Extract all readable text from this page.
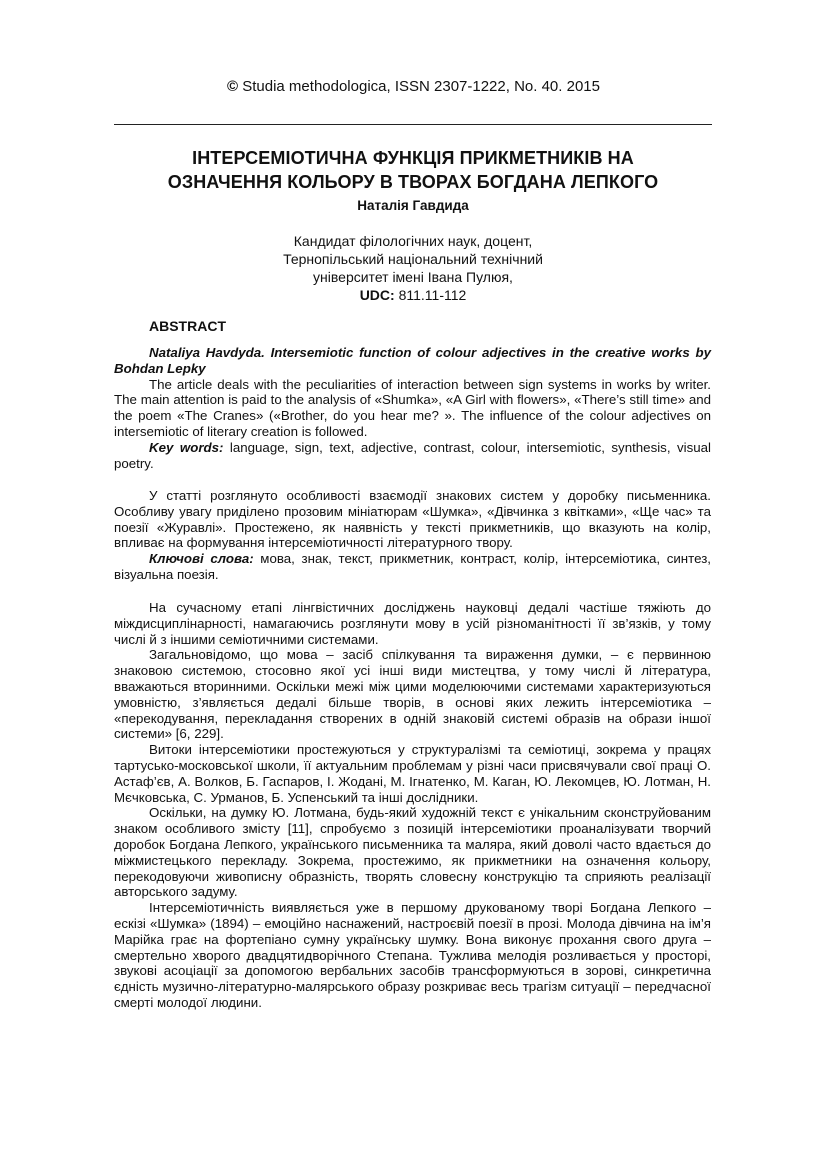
© Studia methodologica, ISSN 2307-1222, No. 40. 2015
ІНТЕРСЕМІОТИЧНА ФУНКЦІЯ ПРИКМЕТНИКІВ НА
ОЗНАЧЕННЯ КОЛЬОРУ В ТВОРАХ БОГДАНА ЛЕПКОГО
Наталія Гавдида
Кандидат філологічних наук, доцент,
Тернопільський національний технічний
університет імені Івана Пулюя,
UDC: 811.11-112
ABSTRACT

Nataliya Havdyda. Intersemiotic function of colour adjectives in the creative works by Bohdan Lepky

The article deals with the peculiarities of interaction between sign systems in works by writer. The main attention is paid to the analysis of «Shumka», «A Girl with flowers», «There’s still time» and the poem «The Cranes» («Brother, do you hear me? ». The influence of the colour adjectives on intersemiotic of literary creation is followed.

Key words: language, sign, text, adjective, contrast, colour, intersemiotic, synthesis, visual poetry.

У статті розглянуто особливості взаємодії знакових систем у доробку письменника. Особливу увагу приділено прозовим мініатюрам «Шумка», «Дівчинка з квітками», «Ще час» та поезії «Журавлі». Простежено, як наявність у тексті прикметників, що вказують на колір, впливає на формування інтерсеміотичності літературного твору.

Ключові слова: мова, знак, текст, прикметник, контраст, колір, інтерсеміотика, синтез, візуальна поезія.

На сучасному етапі лінгвістичних досліджень науковці дедалі частіше тяжіють до міждисциплінарності, намагаючись розглянути мову в усій різноманітності її зв’язків, у тому числі й з іншими семіотичними системами.

Загальновідомо, що мова – засіб спілкування та вираження думки, – є первинною знаковою системою, стосовно якої усі інші види мистецтва, у тому числі й література, вважаються вторинними. Оскільки межі між цими моделюючими системами характеризуються умовністю, з’являється дедалі більше творів, в основі яких лежить інтерсеміотика – «перекодування, перекладання створених в одній знаковій системі образів на образи іншої системи» [6, 229].

Витоки інтерсеміотики простежуються у структуралізмі та семіотиці, зокрема у працях тартусько-московської школи, її актуальним проблемам у різні часи присвячували свої праці О. Астаф’єв, А. Волков, Б. Гаспаров, І. Жодані, М. Ігнатенко, М. Каган, Ю. Лекомцев, Ю. Лотман, Н. Мєчковська, С. Урманов, Б. Успенський та інші дослідники.

Оскільки, на думку Ю. Лотмана, будь-який художній текст є унікальним сконструйованим знаком особливого змісту [11], спробуємо з позицій інтерсеміотики проаналізувати творчий доробок Богдана Лепкого, українського письменника та маляра, який доволі часто вдається до міжмистецького перекладу. Зокрема, простежимо, як прикметники на означення кольору, перекодовуючи живописну образність, творять словесну конструкцію та сприяють реалізації авторського задуму.

Інтерсеміотичність виявляється уже в першому друкованому творі Богдана Лепкого – ескізі «Шумка» (1894) – емоційно наснажений, настроєвій поезії в прозі. Молода дівчина на ім’я Марійка грає на фортепіано сумну українську шумку. Вона виконує прохання свого друга – смертельно хворого двадцятидворічного Степана. Тужлива мелодія розливається у просторі, звукові асоціації за допомогою вербальних засобів трансформуються в зорові, синкретична єдність музично-літературно-малярського образу розкриває весь трагізм ситуації – передчасної смерті молодої людини.
